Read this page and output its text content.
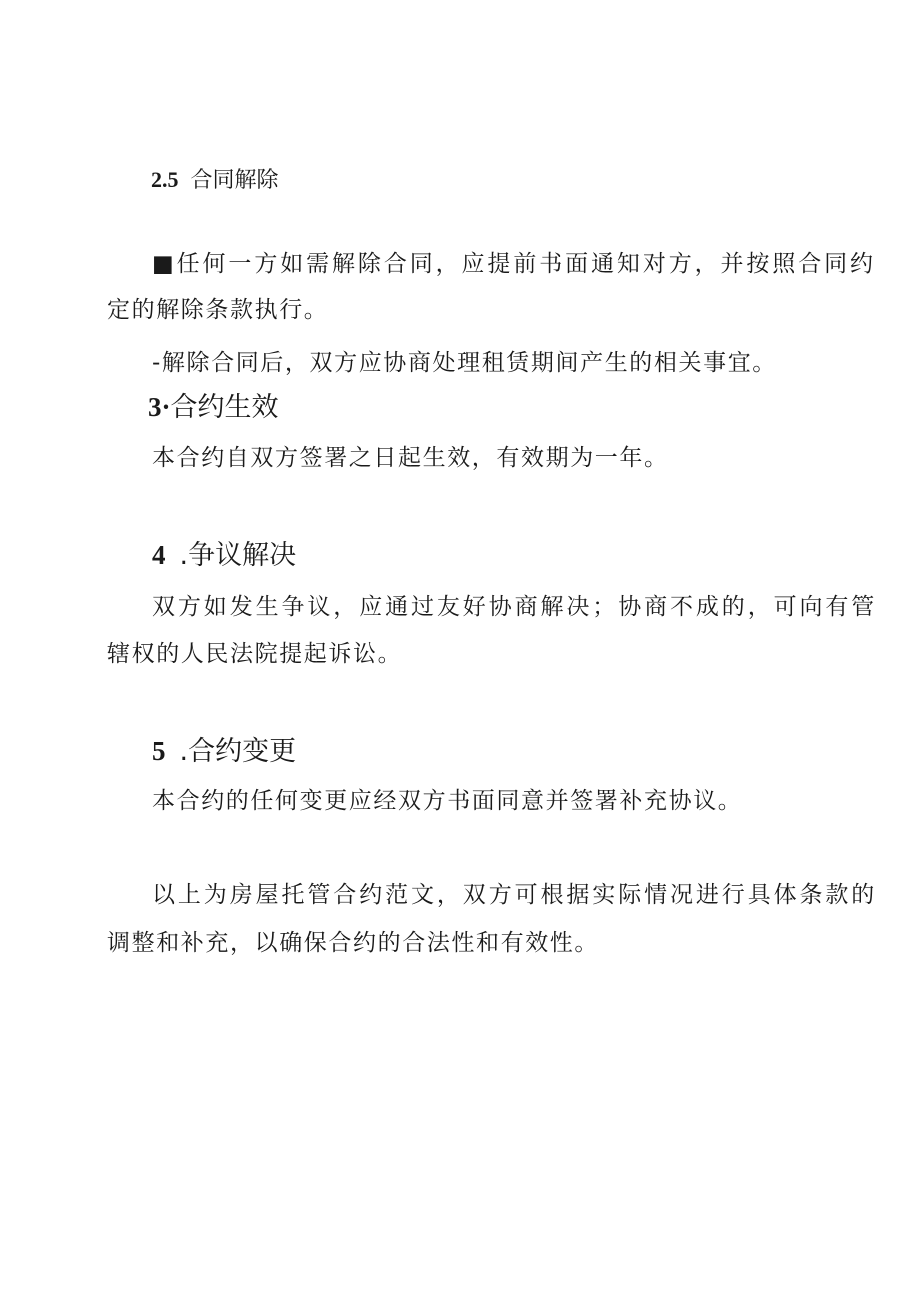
2.5 合同解除
■任何一方如需解除合同，应提前书面通知对方，并按照合同约
定的解除条款执行。
-解除合同后，双方应协商处理租赁期间产生的相关事宜。
3·合约生效
本合约自双方签署之日起生效，有效期为一年。
4 .争议解决
双方如发生争议，应通过友好协商解决；协商不成的，可向有管
辖权的人民法院提起诉讼。
5 .合约变更
本合约的任何变更应经双方书面同意并签署补充协议。
以上为房屋托管合约范文，双方可根据实际情况进行具体条款的
调整和补充，以确保合约的合法性和有效性。
